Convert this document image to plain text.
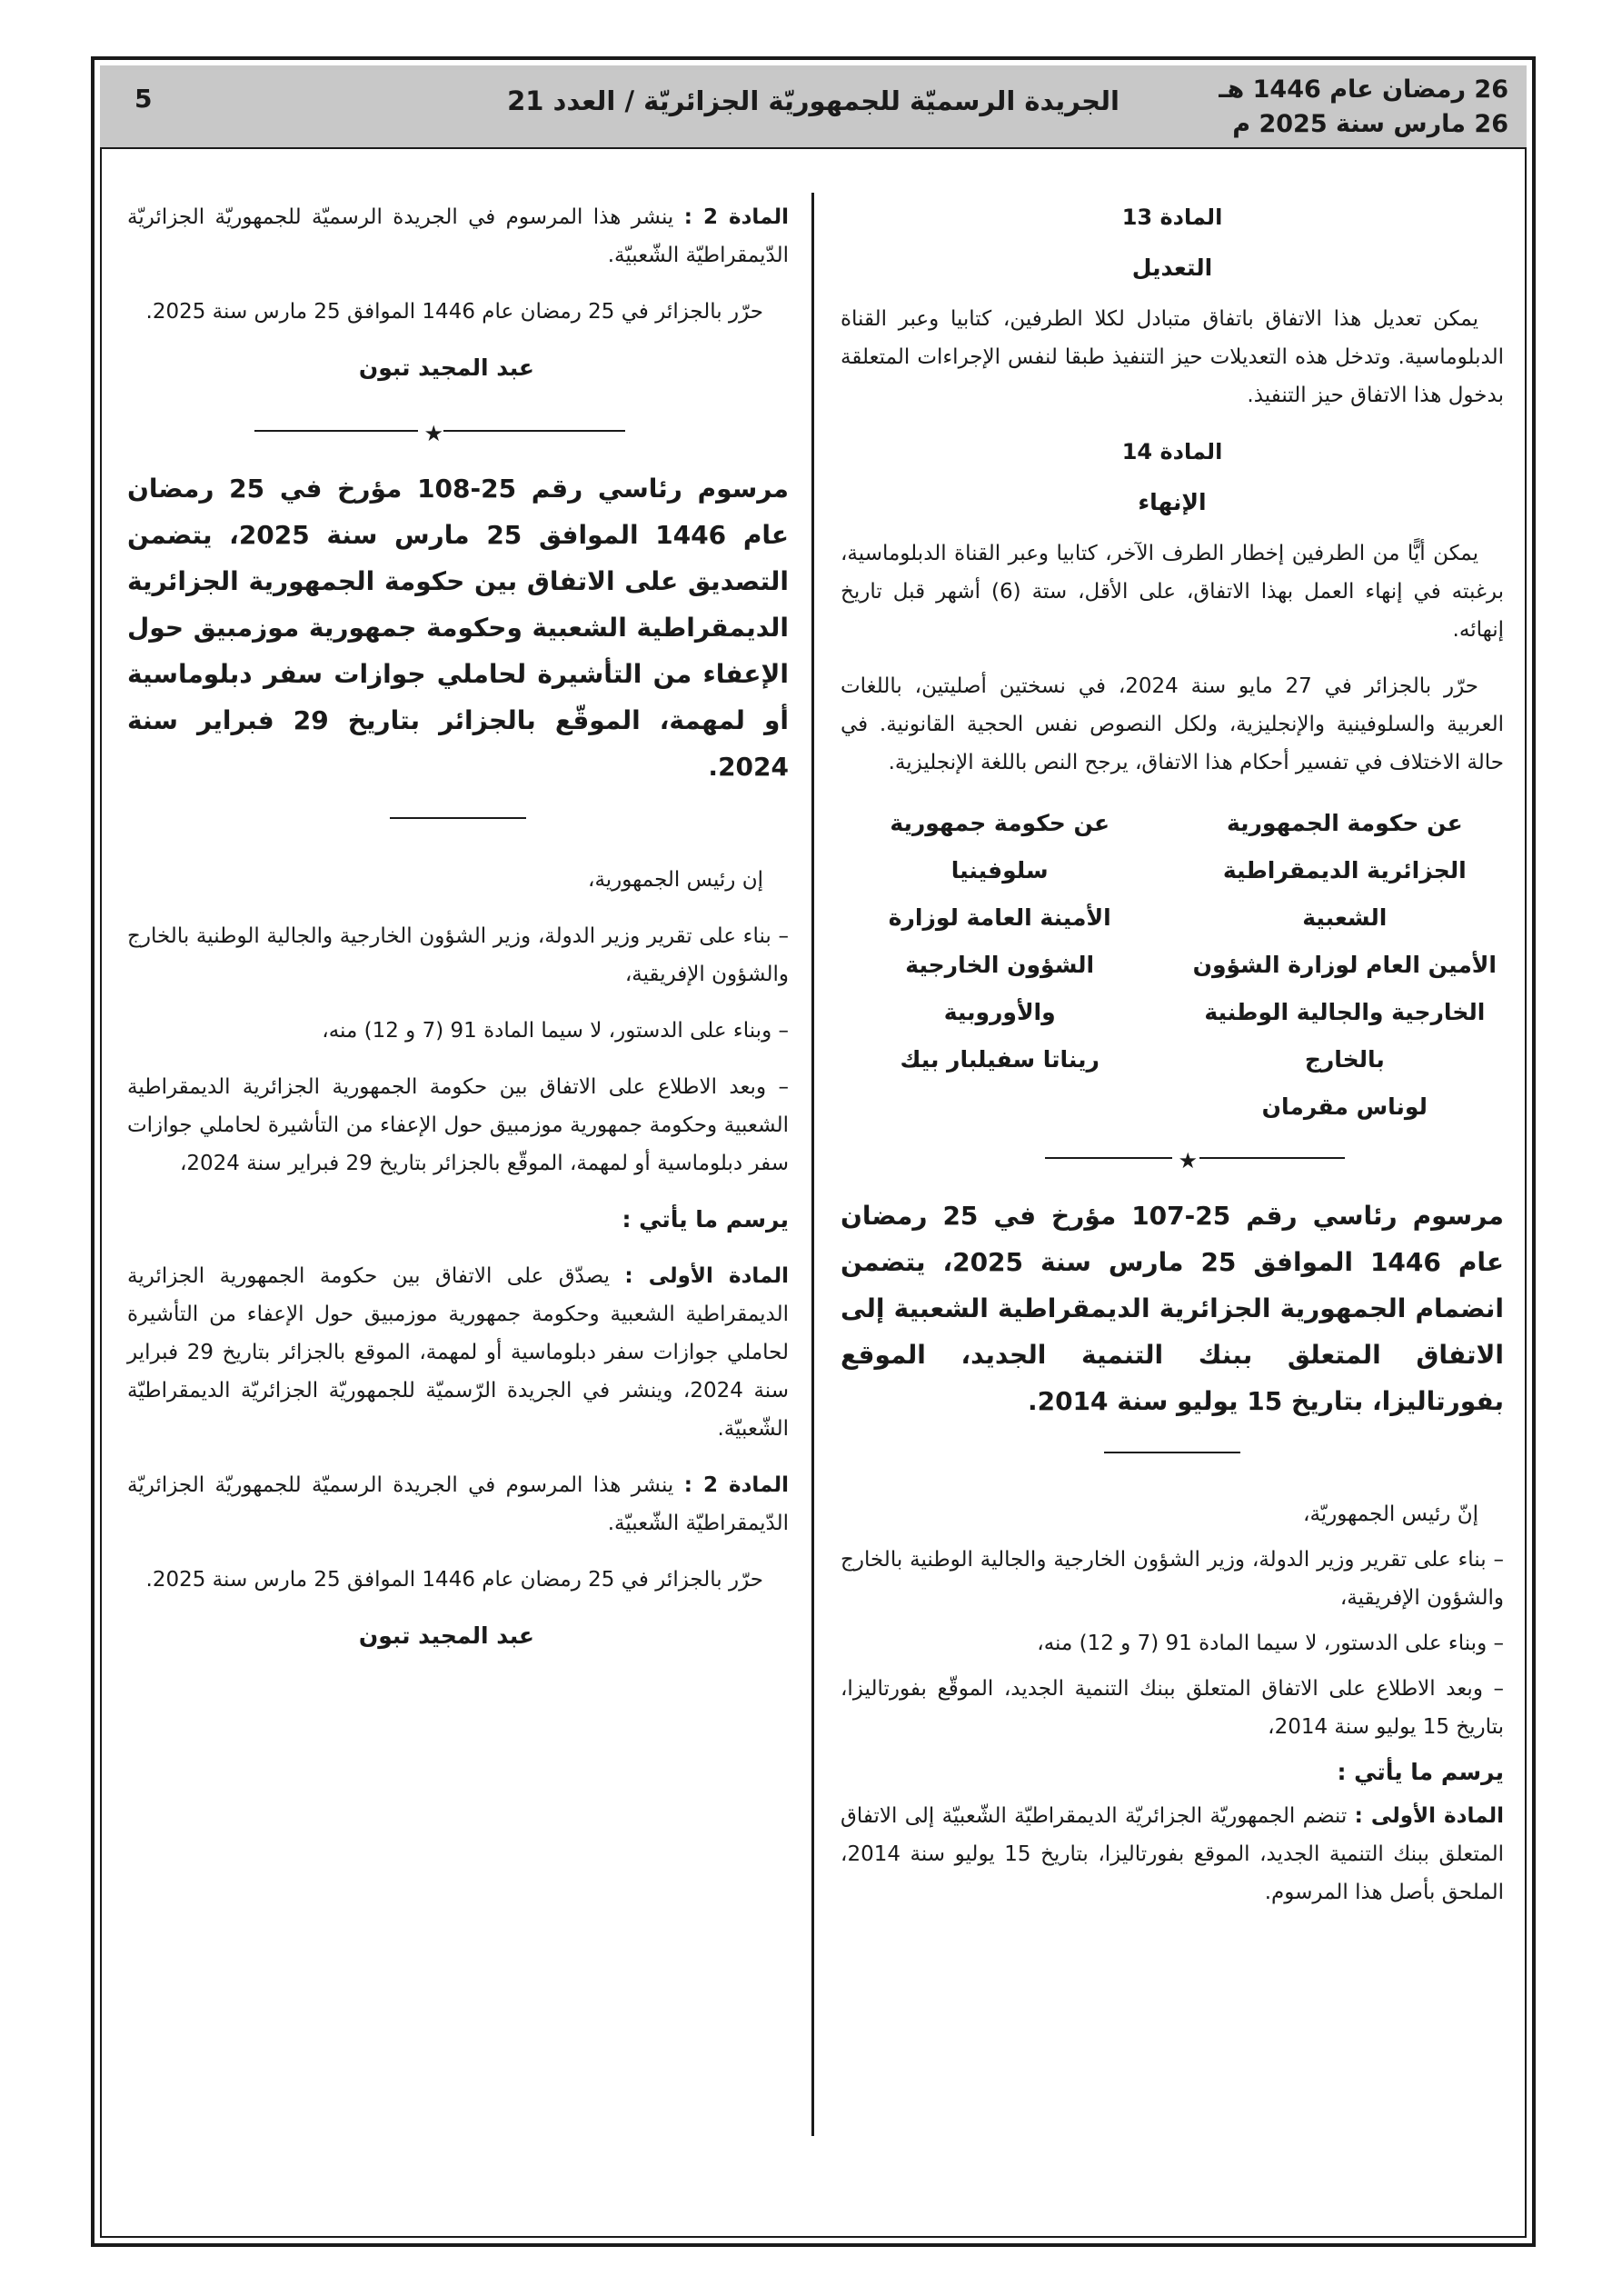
26 رمضان عام 1446 هـ
26 مارس سنة 2025 م
الجريدة الرسميّة للجمهوريّة الجزائريّة / العدد 21
5
المادة 13
التعديل

يمكن تعديل هذا الاتفاق باتفاق متبادل لكلا الطرفين، كتابيا وعبر القناة الدبلوماسية. وتدخل هذه التعديلات حيز التنفيذ طبقا لنفس الإجراءات المتعلقة بدخول هذا الاتفاق حيز التنفيذ.

المادة 14
الإنهاء

يمكن أيًّا من الطرفين إخطار الطرف الآخر، كتابيا وعبر القناة الدبلوماسية، برغبته في إنهاء العمل بهذا الاتفاق، على الأقل، ستة (6) أشهر قبل تاريخ إنهائه.

حرّر بالجزائر في 27 مايو سنة 2024، في نسختين أصليتين، باللغات العربية والسلوفينية والإنجليزية، ولكل النصوص نفس الحجية القانونية. في حالة الاختلاف في تفسير أحكام هذا الاتفاق، يرجح النص باللغة الإنجليزية.

عن حكومة الجمهورية
الجزائرية الديمقراطية
الشعبية
الأمين العام لوزارة الشؤون
الخارجية والجالية الوطنية
بالخارج
لوناس مقرمان
عن حكومة جمهورية
سلوفينيا
الأمينة العامة لوزارة
الشؤون الخارجية
والأوروبية
ريناتا سفيلبار بيك
★
مرسوم رئاسي رقم 25-107 مؤرخ في 25 رمضان عام 1446 الموافق 25 مارس سنة 2025، يتضمن انضمام الجمهورية الجزائرية الديمقراطية الشعبية إلى الاتفاق المتعلق ببنك التنمية الجديد، الموقع بفورتاليزا، بتاريخ 15 يوليو سنة 2014.

إنّ رئيس الجمهوريّة،

– بناء على تقرير وزير الدولة، وزير الشؤون الخارجية والجالية الوطنية بالخارج والشؤون الإفريقية،

– وبناء على الدستور، لا سيما المادة 91 (7 و 12) منه،

– وبعد الاطلاع على الاتفاق المتعلق ببنك التنمية الجديد، الموقّع بفورتاليزا، بتاريخ 15 يوليو سنة 2014،

يرسم ما يأتي :

المادة الأولى : تنضم الجمهوريّة الجزائريّة الديمقراطيّة الشّعبيّة إلى الاتفاق المتعلق ببنك التنمية الجديد، الموقع بفورتاليزا، بتاريخ 15 يوليو سنة 2014، الملحق بأصل هذا المرسوم.

المادة 2 : ينشر هذا المرسوم في الجريدة الرسميّة للجمهوريّة الجزائريّة الدّيمقراطيّة الشّعبيّة.

حرّر بالجزائر في 25 رمضان عام 1446 الموافق 25 مارس سنة 2025.

عبد المجيد تبون
★
مرسوم رئاسي رقم 25-108 مؤرخ في 25 رمضان عام 1446 الموافق 25 مارس سنة 2025، يتضمن التصديق على الاتفاق بين حكومة الجمهورية الجزائرية الديمقراطية الشعبية وحكومة جمهورية موزمبيق حول الإعفاء من التأشيرة لحاملي جوازات سفر دبلوماسية أو لمهمة، الموقّع بالجزائر بتاريخ 29 فبراير سنة 2024.

إن رئيس الجمهورية،

– بناء على تقرير وزير الدولة، وزير الشؤون الخارجية والجالية الوطنية بالخارج والشؤون الإفريقية،

– وبناء على الدستور، لا سيما المادة 91 (7 و 12) منه،

– وبعد الاطلاع على الاتفاق بين حكومة الجمهورية الجزائرية الديمقراطية الشعبية وحكومة جمهورية موزمبيق حول الإعفاء من التأشيرة لحاملي جوازات سفر دبلوماسية أو لمهمة، الموقّع بالجزائر بتاريخ 29 فبراير سنة 2024،

يرسم ما يأتي :

المادة الأولى : يصدّق على الاتفاق بين حكومة الجمهورية الجزائرية الديمقراطية الشعبية وحكومة جمهورية موزمبيق حول الإعفاء من التأشيرة لحاملي جوازات سفر دبلوماسية أو لمهمة، الموقع بالجزائر بتاريخ 29 فبراير سنة 2024، وينشر في الجريدة الرّسميّة للجمهوريّة الجزائريّة الديمقراطيّة الشّعبيّة.

المادة 2 : ينشر هذا المرسوم في الجريدة الرسميّة للجمهوريّة الجزائريّة الدّيمقراطيّة الشّعبيّة.

حرّر بالجزائر في 25 رمضان عام 1446 الموافق 25 مارس سنة 2025.

عبد المجيد تبون
